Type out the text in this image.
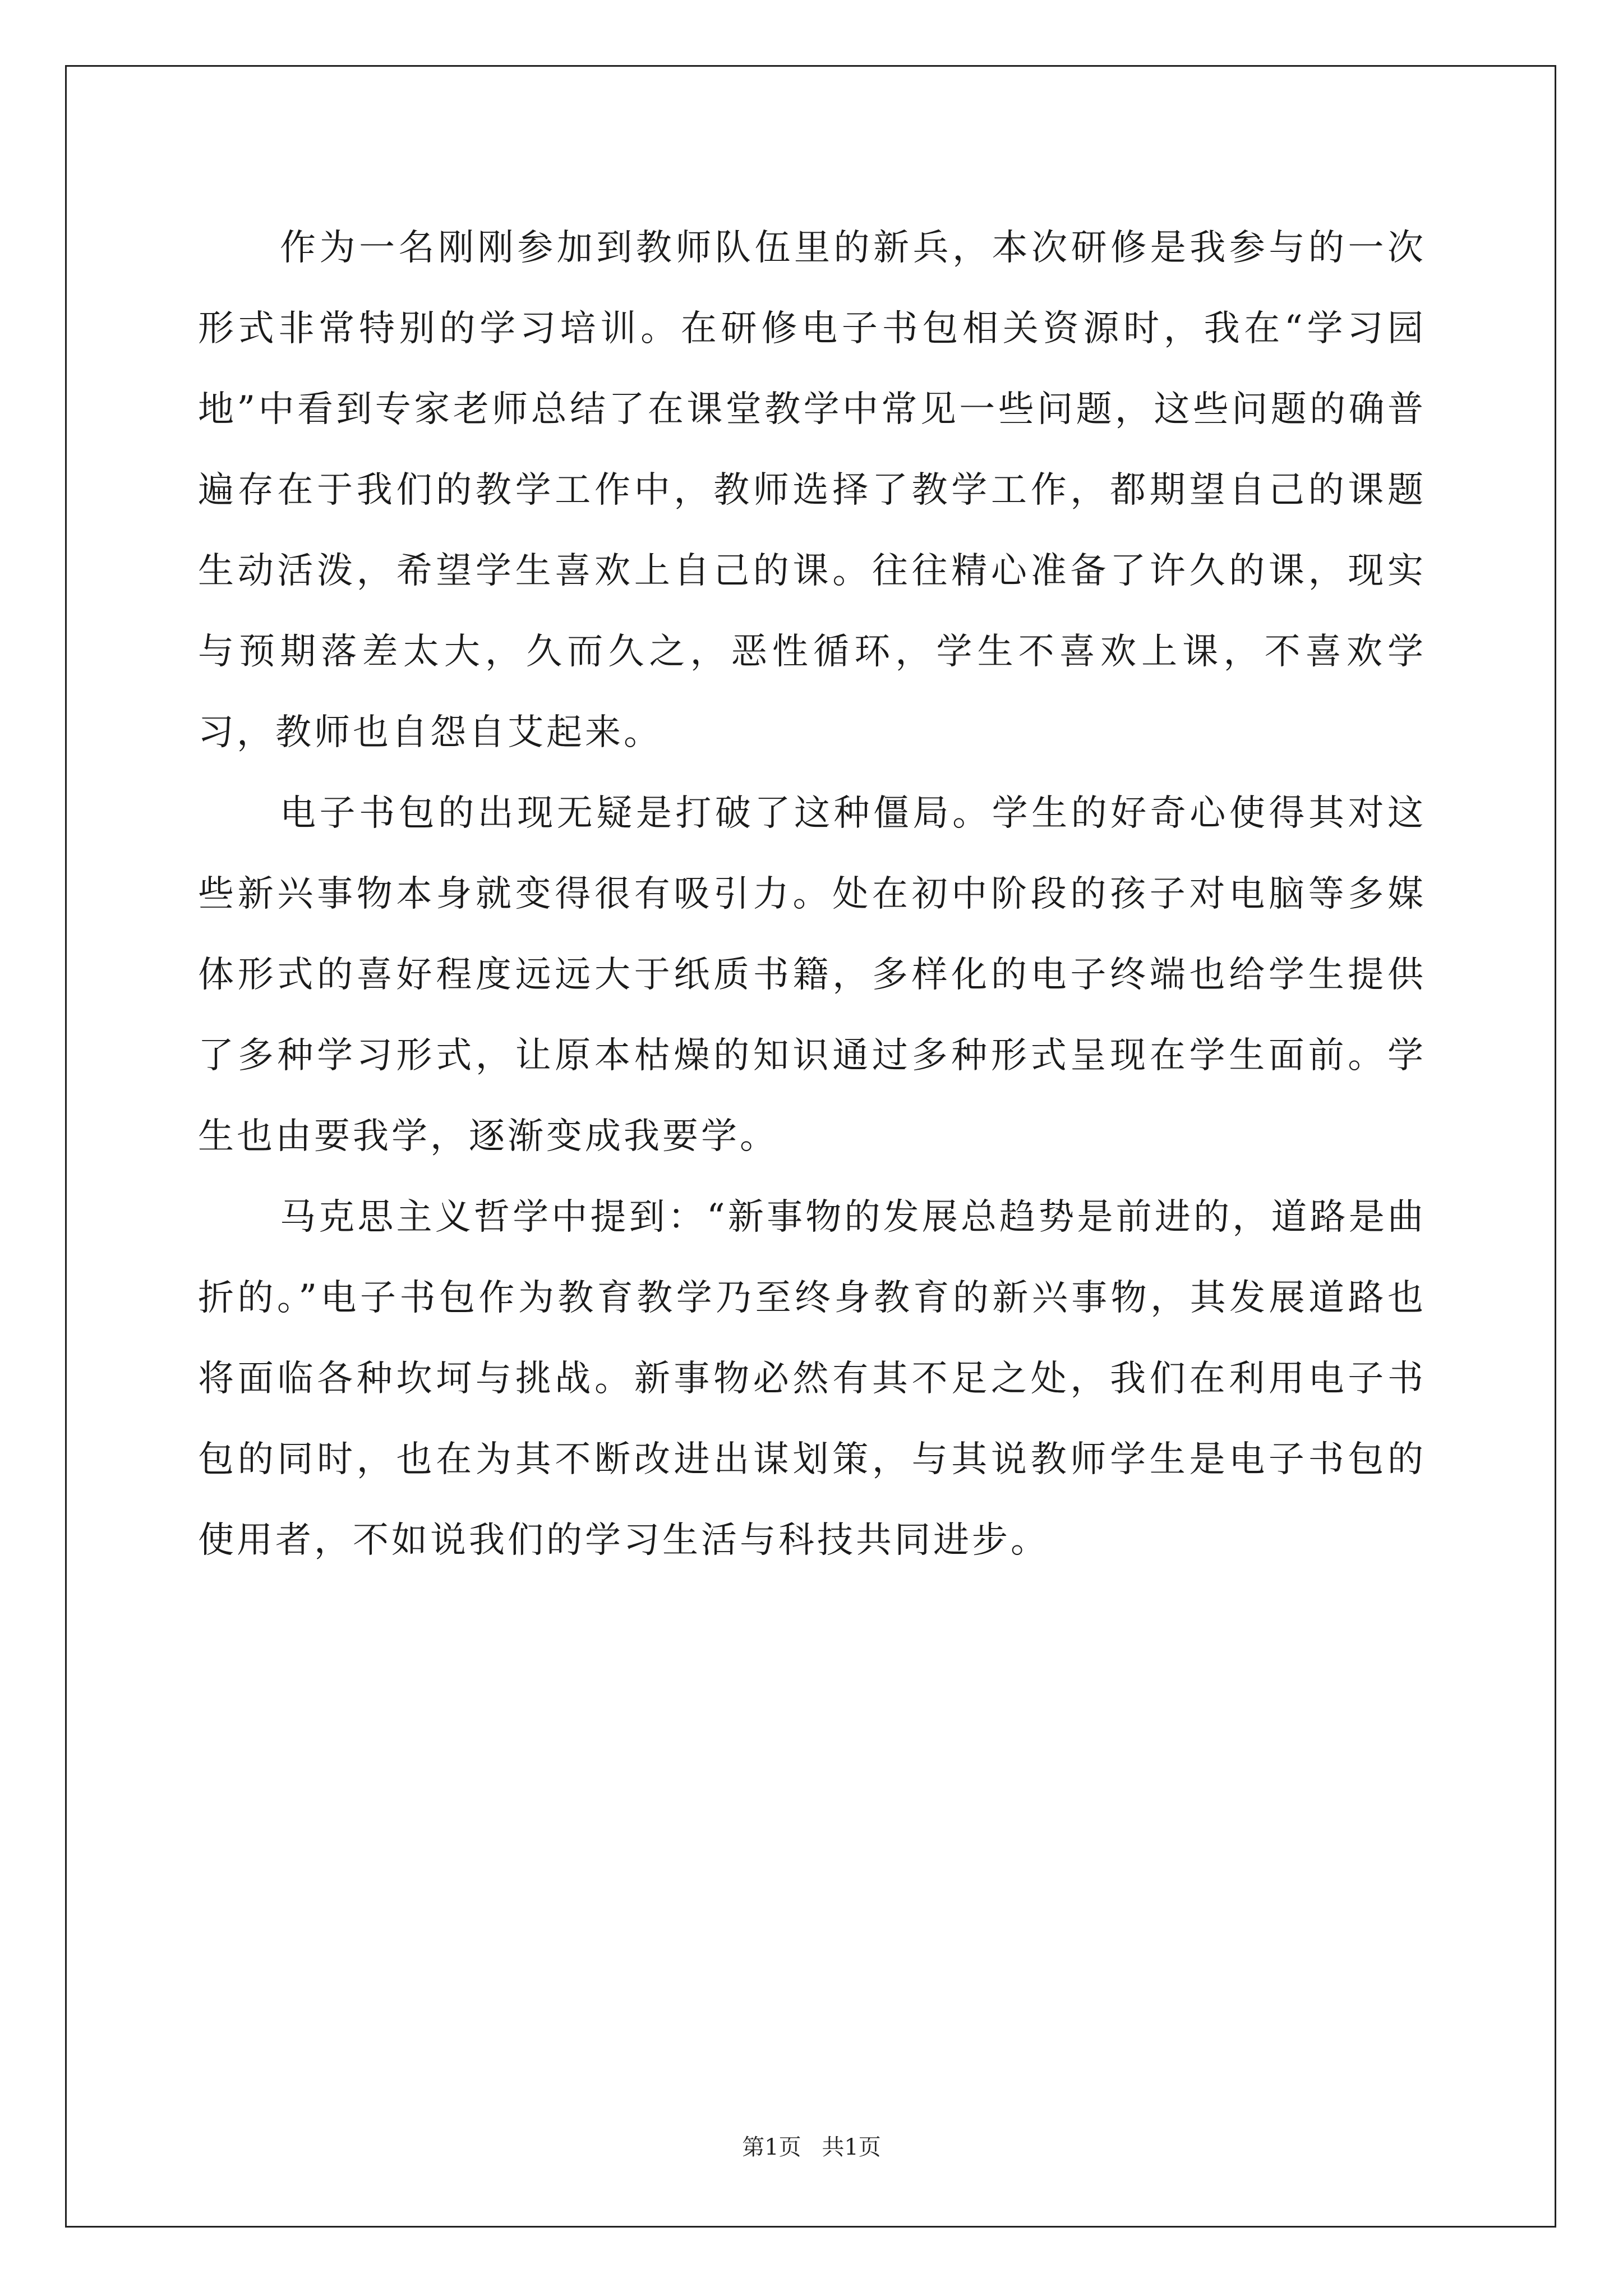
作为一名刚刚参加到教师队伍里的新兵，本次研修是我参与的一次形式非常特别的学习培训。在研修电子书包相关资源时，我在“学习园地”中看到专家老师总结了在课堂教学中常见一些问题，这些问题的确普遍存在于我们的教学工作中，教师选择了教学工作，都期望自己的课题生动活泼，希望学生喜欢上自己的课。往往精心准备了许久的课，现实与预期落差太大，久而久之，恶性循环，学生不喜欢上课，不喜欢学习，教师也自怨自艾起来。

电子书包的出现无疑是打破了这种僵局。学生的好奇心使得其对这些新兴事物本身就变得很有吸引力。处在初中阶段的孩子对电脑等多媒体形式的喜好程度远远大于纸质书籍，多样化的电子终端也给学生提供了多种学习形式，让原本枯燥的知识通过多种形式呈现在学生面前。学生也由要我学，逐渐变成我要学。

马克思主义哲学中提到：“新事物的发展总趋势是前进的，道路是曲折的。”电子书包作为教育教学乃至终身教育的新兴事物，其发展道路也将面临各种坎坷与挑战。新事物必然有其不足之处，我们在利用电子书包的同时，也在为其不断改进出谋划策，与其说教师学生是电子书包的使用者，不如说我们的学习生活与科技共同进步。

第1页 共1页
